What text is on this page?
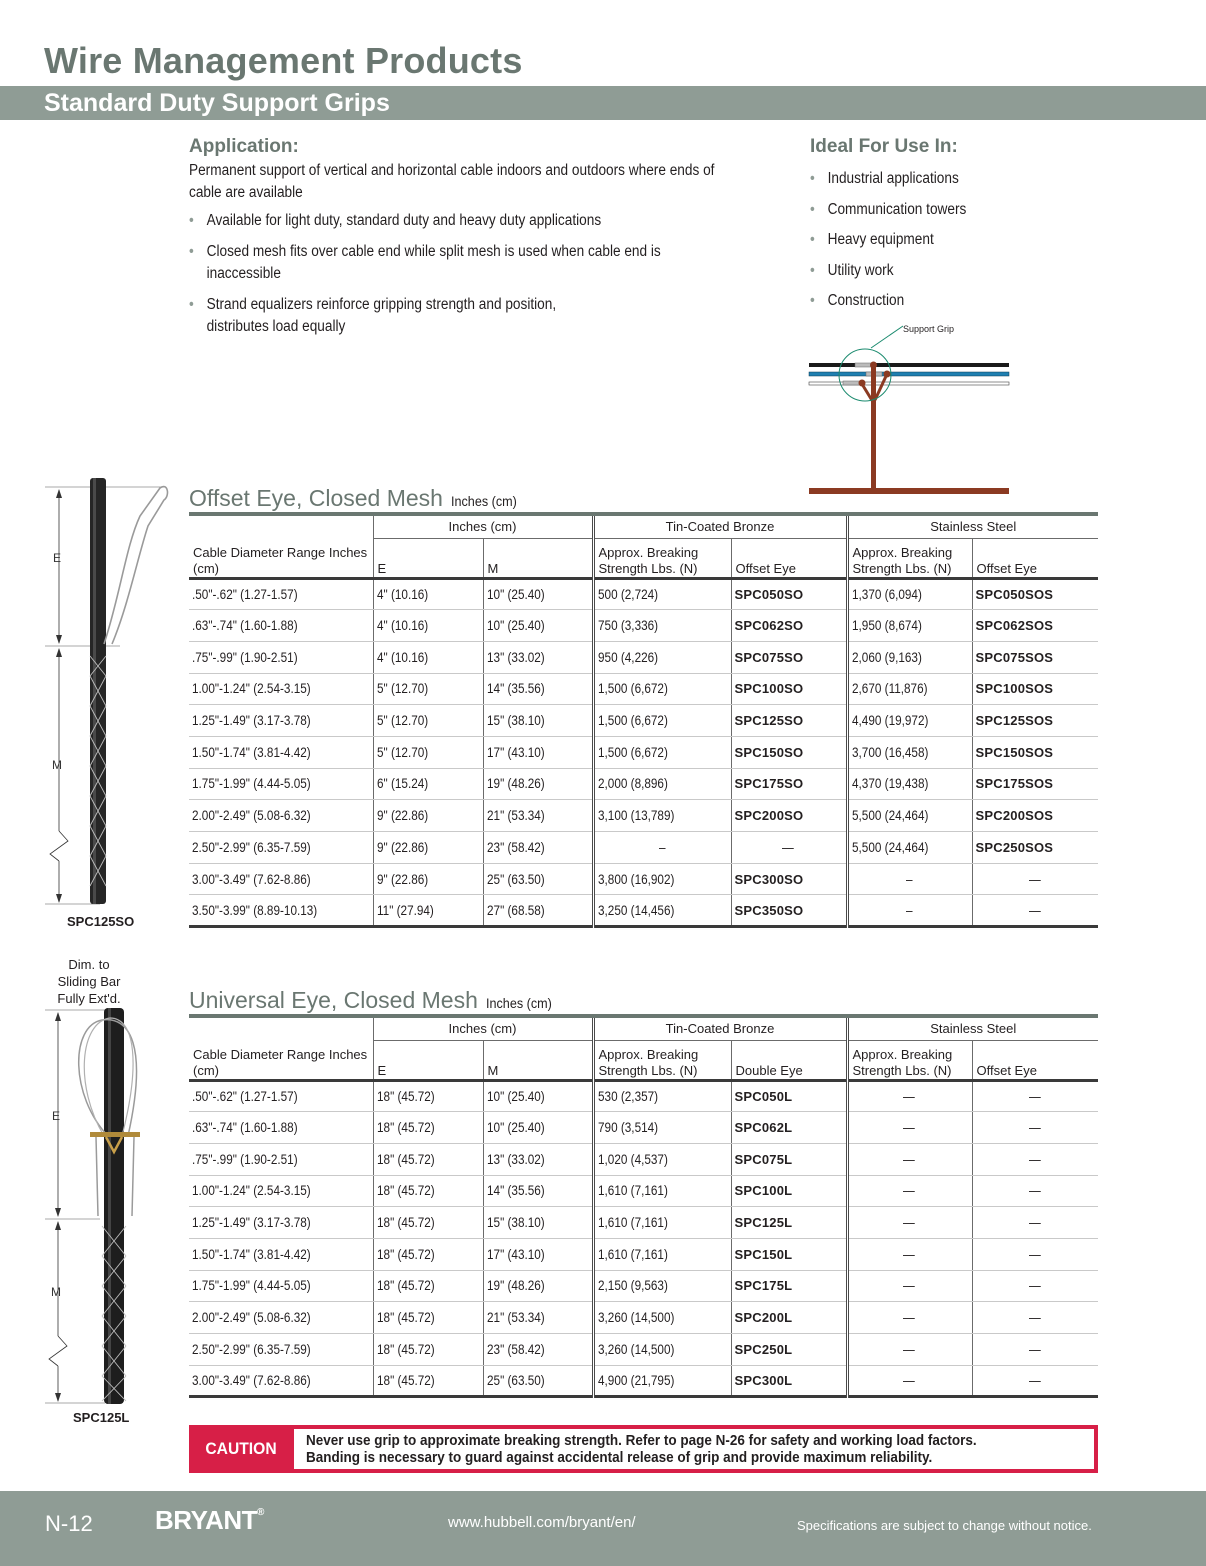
Wire Management Products
Standard Duty Support Grips
Application:
Permanent support of vertical and horizontal cable indoors and outdoors where ends of cable are available
• Available for light duty, standard duty and heavy duty applications
• Closed mesh fits over cable end while split mesh is used when cable end is inaccessible
• Strand equalizers reinforce gripping strength and position, distributes load equally
Ideal For Use In:
• Industrial applications
• Communication towers
• Heavy equipment
• Utility work
• Construction
Support Grip
E
M
SPC125SO
Dim. to Sliding Bar Fully Ext'd.
E
M
SPC125L
Offset Eye, Closed Mesh Inches (cm)
	Inches (cm)		Tin-Coated Bronze		Stainless Steel	
Cable Diameter Range Inches (cm)	E	M	Approx. Breaking Strength Lbs. (N)	Offset Eye	Approx. Breaking Strength Lbs. (N)	Offset Eye
.50"-.62" (1.27-1.57)	4" (10.16)	10" (25.40)	500 (2,724)	SPC050SO	1,370 (6,094)	SPC050SOS
.63"-.74" (1.60-1.88)	4" (10.16)	10" (25.40)	750 (3,336)	SPC062SO	1,950 (8,674)	SPC062SOS
.75"-.99" (1.90-2.51)	4" (10.16)	13" (33.02)	950 (4,226)	SPC075SO	2,060 (9,163)	SPC075SOS
1.00"-1.24" (2.54-3.15)	5" (12.70)	14" (35.56)	1,500 (6,672)	SPC100SO	2,670 (11,876)	SPC100SOS
1.25"-1.49" (3.17-3.78)	5" (12.70)	15" (38.10)	1,500 (6,672)	SPC125SO	4,490 (19,972)	SPC125SOS
1.50"-1.74" (3.81-4.42)	5" (12.70)	17" (43.10)	1,500 (6,672)	SPC150SO	3,700 (16,458)	SPC150SOS
1.75"-1.99" (4.44-5.05)	6" (15.24)	19" (48.26)	2,000 (8,896)	SPC175SO	4,370 (19,438)	SPC175SOS
2.00"-2.49" (5.08-6.32)	9" (22.86)	21" (53.34)	3,100 (13,789)	SPC200SO	5,500 (24,464)	SPC200SOS
2.50"-2.99" (6.35-7.59)	9" (22.86)	23" (58.42)	–	—	5,500 (24,464)	SPC250SOS
3.00"-3.49" (7.62-8.86)	9" (22.86)	25" (63.50)	3,800 (16,902)	SPC300SO	–	—
3.50"-3.99" (8.89-10.13)	11" (27.94)	27" (68.58)	3,250 (14,456)	SPC350SO	–	—
Universal Eye, Closed Mesh Inches (cm)
	Inches (cm)		Tin-Coated Bronze		Stainless Steel	
Cable Diameter Range Inches (cm)	E	M	Approx. Breaking Strength Lbs. (N)	Double Eye	Approx. Breaking Strength Lbs. (N)	Offset Eye
.50"-.62" (1.27-1.57)	18" (45.72)	10" (25.40)	530 (2,357)	SPC050L	—	—
.63"-.74" (1.60-1.88)	18" (45.72)	10" (25.40)	790 (3,514)	SPC062L	—	—
.75"-.99" (1.90-2.51)	18" (45.72)	13" (33.02)	1,020 (4,537)	SPC075L	—	—
1.00"-1.24" (2.54-3.15)	18" (45.72)	14" (35.56)	1,610 (7,161)	SPC100L	—	—
1.25"-1.49" (3.17-3.78)	18" (45.72)	15" (38.10)	1,610 (7,161)	SPC125L	—	—
1.50"-1.74" (3.81-4.42)	18" (45.72)	17" (43.10)	1,610 (7,161)	SPC150L	—	—
1.75"-1.99" (4.44-5.05)	18" (45.72)	19" (48.26)	2,150 (9,563)	SPC175L	—	—
2.00"-2.49" (5.08-6.32)	18" (45.72)	21" (53.34)	3,260 (14,500)	SPC200L	—	—
2.50"-2.99" (6.35-7.59)	18" (45.72)	23" (58.42)	3,260 (14,500)	SPC250L	—	—
3.00"-3.49" (7.62-8.86)	18" (45.72)	25" (63.50)	4,900 (21,795)	SPC300L	—	—
CAUTION	Never use grip to approximate breaking strength. Refer to page N-26 for safety and working load factors.
Banding is necessary to guard against accidental release of grip and provide maximum reliability.
N-12 BRYANT®
www.hubbell.com/bryant/en/	Specifications are subject to change without notice.
